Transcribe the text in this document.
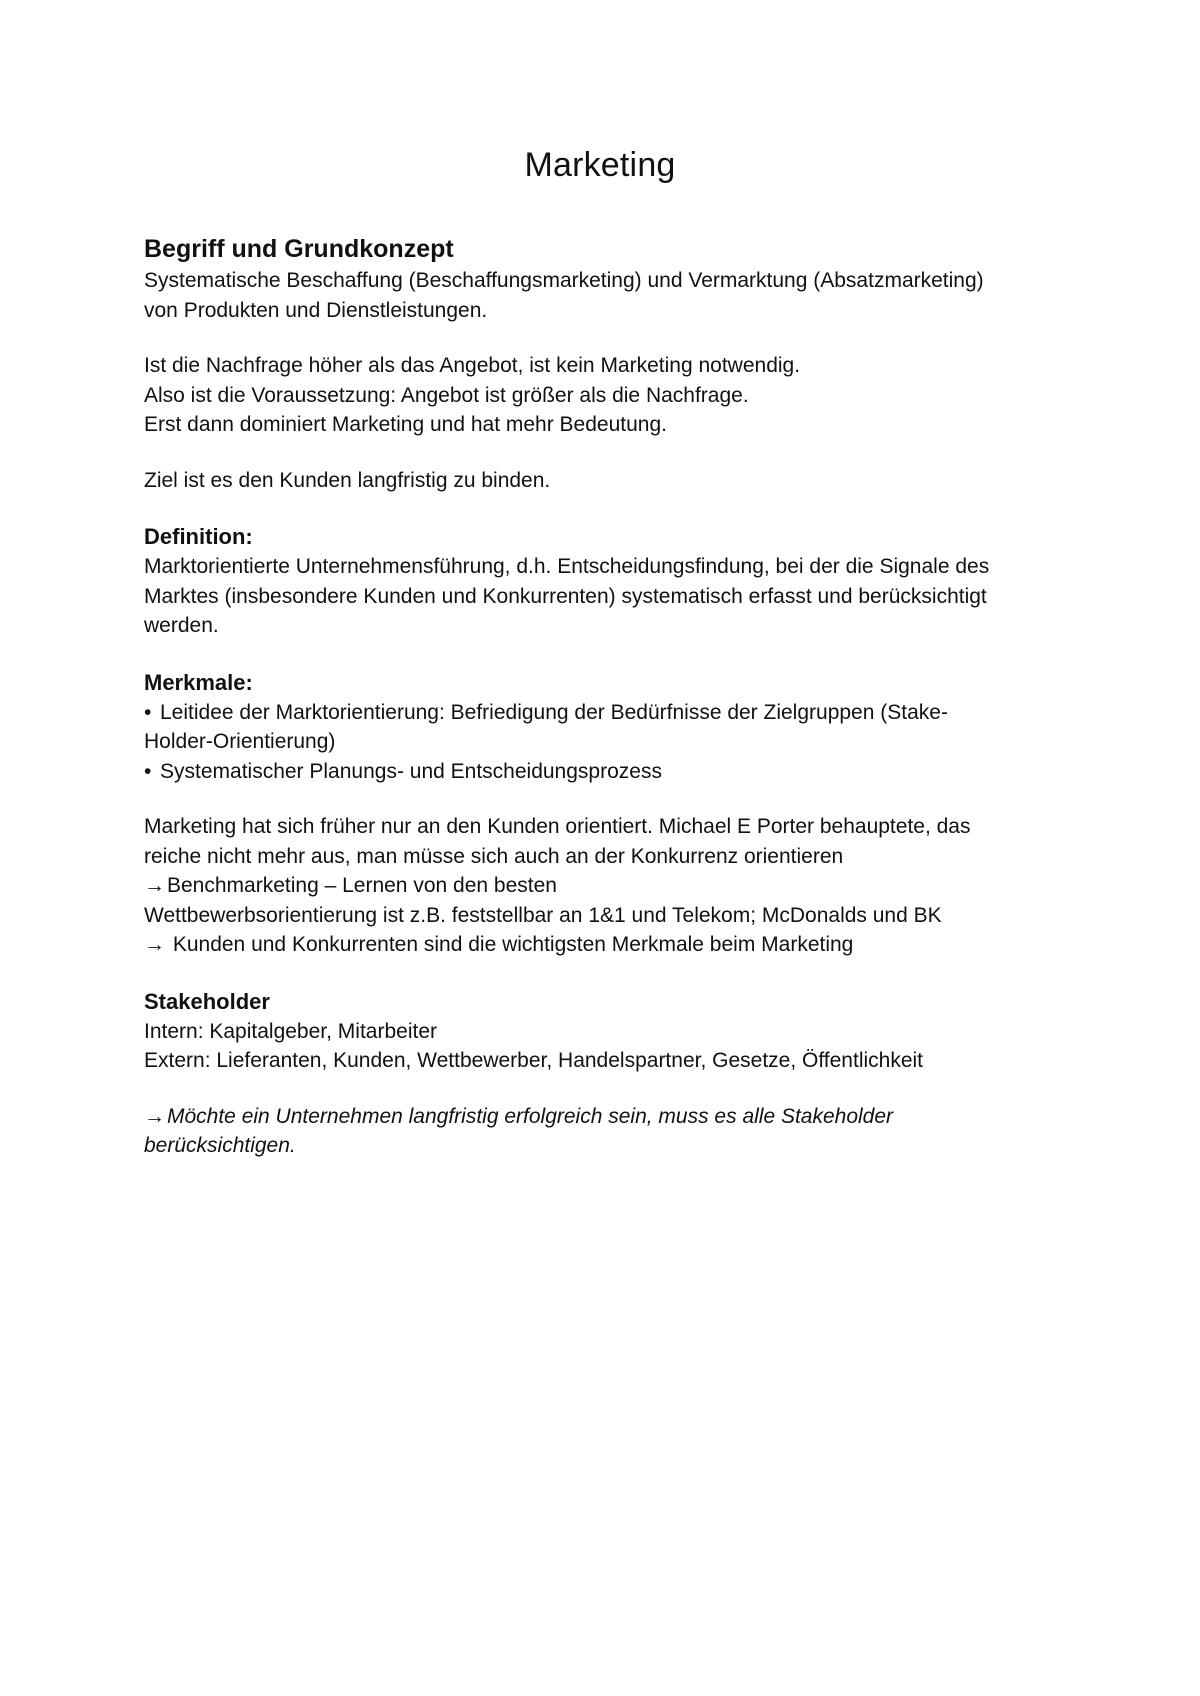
Marketing
Begriff und Grundkonzept

Systematische Beschaffung (Beschaffungsmarketing) und Vermarktung (Absatzmarketing)
von Produkten und Dienstleistungen.

Ist die Nachfrage höher als das Angebot, ist kein Marketing notwendig.
Also ist die Voraussetzung: Angebot ist größer als die Nachfrage.
Erst dann dominiert Marketing und hat mehr Bedeutung.

Ziel ist es den Kunden langfristig zu binden.

Definition:

Marktorientierte Unternehmensführung, d.h. Entscheidungsfindung, bei der die Signale des
Marktes (insbesondere Kunden und Konkurrenten) systematisch erfasst und berücksichtigt
werden.

Merkmale:

• Leitidee der Marktorientierung: Befriedigung der Bedürfnisse der Zielgruppen (Stake-
Holder-Orientierung)
• Systematischer Planungs- und Entscheidungsprozess

Marketing hat sich früher nur an den Kunden orientiert. Michael E Porter behauptete, das
reiche nicht mehr aus, man müsse sich auch an der Konkurrenz orientieren
→Benchmarketing – Lernen von den besten
Wettbewerbsorientierung ist z.B. feststellbar an 1&1 und Telekom; McDonalds und BK
→ Kunden und Konkurrenten sind die wichtigsten Merkmale beim Marketing

Stakeholder

Intern: Kapitalgeber, Mitarbeiter
Extern: Lieferanten, Kunden, Wettbewerber, Handelspartner, Gesetze, Öffentlichkeit

→Möchte ein Unternehmen langfristig erfolgreich sein, muss es alle Stakeholder
berücksichtigen.
